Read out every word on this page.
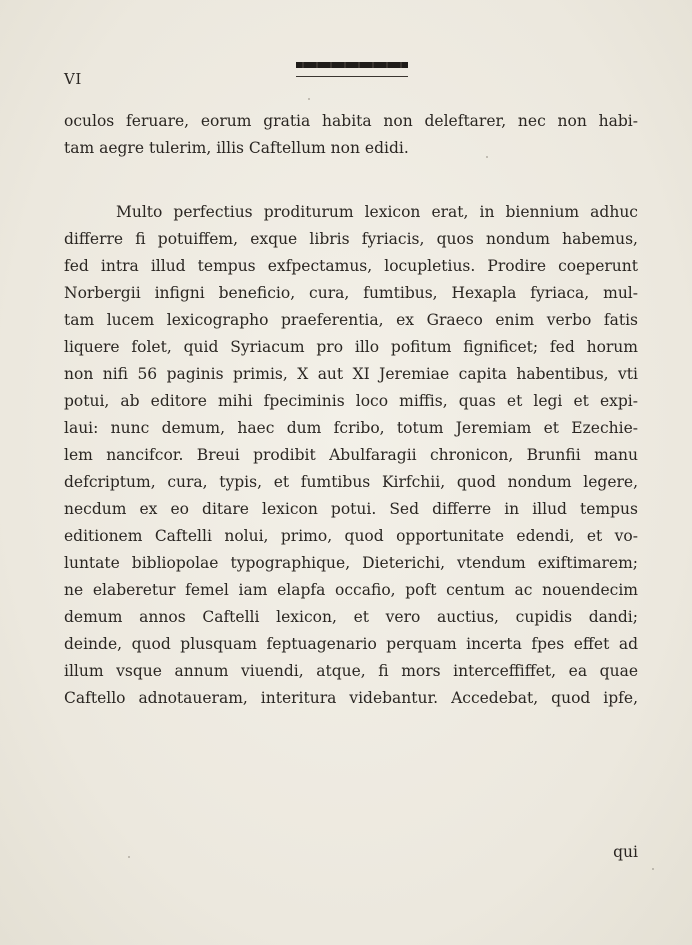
VI
oculos feruare, eorum gratia habita non deleftarer, nec non habi-
tam aegre tulerim, illis Caftellum non edidi.
Multo perfectius proditurum lexicon erat, in biennium adhuc
differre fi potuiffem, exque libris fyriacis, quos nondum habemus,
fed intra illud tempus exfpectamus, locupletius. Prodire coeperunt
Norbergii infigni beneficio, cura, fumtibus, Hexapla fyriaca, mul-
tam lucem lexicographo praeferentia, ex Graeco enim verbo fatis
liquere folet, quid Syriacum pro illo pofitum fignificet; fed horum
non nifi 56 paginis primis, X aut XI Jeremiae capita habentibus, vti
potui, ab editore mihi fpeciminis loco miffis, quas et legi et expi-
laui: nunc demum, haec dum fcribo, totum Jeremiam et Ezechie-
lem nancifcor. Breui prodibit Abulfaragii chronicon, Brunfii manu
defcriptum, cura, typis, et fumtibus Kirfchii, quod nondum legere,
necdum ex eo ditare lexicon potui. Sed differre in illud tempus
editionem Caftelli nolui, primo, quod opportunitate edendi, et vo-
luntate bibliopolae typographique, Dieterichi, vtendum exiftimarem;
ne elaberetur femel iam elapfa occafio, poft centum ac nouendecim
demum annos Caftelli lexicon, et vero auctius, cupidis dandi;
deinde, quod plusquam feptuagenario perquam incerta fpes effet ad
illum vsque annum viuendi, atque, fi mors interceffiffet, ea quae
Caftello adnotaueram, interitura videbantur. Accedebat, quod ipfe,
qui
